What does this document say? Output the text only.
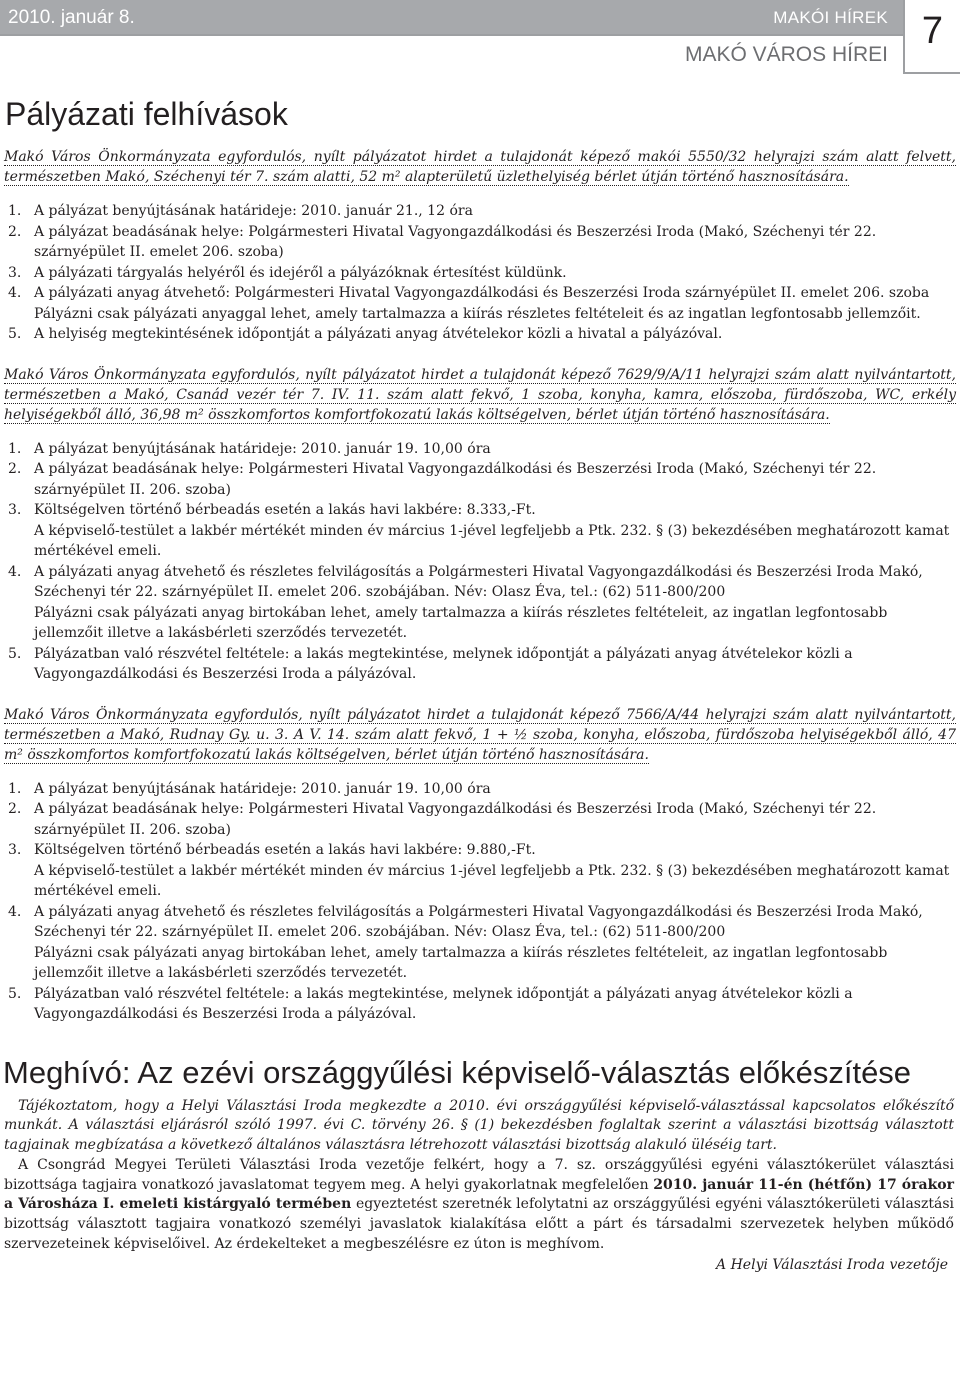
2010. január 8.	MAKÓI HÍREK
MAKÓ VÁROS HÍREI
7
Pályázati felhívások
Makó Város Önkormányzata egyfordulós, nyílt pályázatot hirdet a tulajdonát képező makói 5550/32 helyrajzi szám alatt felvett, természetben Makó, Széchenyi tér 7. szám alatti, 52 m² alapterületű üzlethelyiség bérlet útján történő hasznosítására.
1. A pályázat benyújtásának határideje: 2010. január 21., 12 óra
2. A pályázat beadásának helye: Polgármesteri Hivatal Vagyongazdálkodási és Beszerzési Iroda (Makó, Széchenyi tér 22. szárnyépület II. emelet 206. szoba)
3. A pályázati tárgyalás helyéről és idejéről a pályázóknak értesítést küldünk.
4. A pályázati anyag átvehető: Polgármesteri Hivatal Vagyongazdálkodási és Beszerzési Iroda szárnyépület II. emelet 206. szoba
Pályázni csak pályázati anyaggal lehet, amely tartalmazza a kiírás részletes feltételeit és az ingatlan legfontosabb jellemzőit.
5. A helyiség megtekintésének időpontját a pályázati anyag átvételekor közli a hivatal a pályázóval.
Makó Város Önkormányzata egyfordulós, nyílt pályázatot hirdet a tulajdonát képező 7629/9/A/11 helyrajzi szám alatt nyilvántartott, természetben a Makó, Csanád vezér tér 7. IV. 11. szám alatt fekvő, 1 szoba, konyha, kamra, előszoba, fürdőszoba, WC, erkély helyiségekből álló, 36,98 m² összkomfortos komfortfokozatú lakás költségelven, bérlet útján történő hasznosítására.
1. A pályázat benyújtásának határideje: 2010. január 19. 10,00 óra
2. A pályázat beadásának helye: Polgármesteri Hivatal Vagyongazdálkodási és Beszerzési Iroda (Makó, Széchenyi tér 22. szárnyépület II. 206. szoba)
3. Költségelven történő bérbeadás esetén a lakás havi lakbére: 8.333,-Ft.
A képviselő-testület a lakbér mértékét minden év március 1-jével legfeljebb a Ptk. 232. § (3) bekezdésében meghatározott kamat mértékével emeli.
4. A pályázati anyag átvehető és részletes felvilágosítás a Polgármesteri Hivatal Vagyongazdálkodási és Beszerzési Iroda Makó, Széchenyi tér 22. szárnyépület II. emelet 206. szobájában. Név: Olasz Éva, tel.: (62) 511-800/200
Pályázni csak pályázati anyag birtokában lehet, amely tartalmazza a kiírás részletes feltételeit, az ingatlan legfontosabb jellemzőit illetve a lakásbérleti szerződés tervezetét.
5. Pályázatban való részvétel feltétele: a lakás megtekintése, melynek időpontját a pályázati anyag átvételekor közli a Vagyongazdálkodási és Beszerzési Iroda a pályázóval.
Makó Város Önkormányzata egyfordulós, nyílt pályázatot hirdet a tulajdonát képező 7566/A/44 helyrajzi szám alatt nyilvántartott, természetben a Makó, Rudnay Gy. u. 3. A V. 14. szám alatt fekvő, 1 + ½ szoba, konyha, előszoba, fürdőszoba helyiségekből álló, 47 m² összkomfortos komfortfokozatú lakás költségelven, bérlet útján történő hasznosítására.
1. A pályázat benyújtásának határideje: 2010. január 19. 10,00 óra
2. A pályázat beadásának helye: Polgármesteri Hivatal Vagyongazdálkodási és Beszerzési Iroda (Makó, Széchenyi tér 22. szárnyépület II. 206. szoba)
3. Költségelven történő bérbeadás esetén a lakás havi lakbére: 9.880,-Ft.
A képviselő-testület a lakbér mértékét minden év március 1-jével legfeljebb a Ptk. 232. § (3) bekezdésében meghatározott kamat mértékével emeli.
4. A pályázati anyag átvehető és részletes felvilágosítás a Polgármesteri Hivatal Vagyongazdálkodási és Beszerzési Iroda Makó, Széchenyi tér 22. szárnyépület II. emelet 206. szobájában. Név: Olasz Éva, tel.: (62) 511-800/200
Pályázni csak pályázati anyag birtokában lehet, amely tartalmazza a kiírás részletes feltételeit, az ingatlan legfontosabb jellemzőit illetve a lakásbérleti szerződés tervezetét.
5. Pályázatban való részvétel feltétele: a lakás megtekintése, melynek időpontját a pályázati anyag átvételekor közli a Vagyongazdálkodási és Beszerzési Iroda a pályázóval.
Meghívó: Az ezévi országgyűlési képviselő-választás előkészítése

Tájékoztatom, hogy a Helyi Választási Iroda megkezdte a 2010. évi országgyűlési képviselő-választással kapcsolatos előkészítő munkát. A választási eljárásról szóló 1997. évi C. törvény 26. § (1) bekezdésben foglaltak szerint a választási bizottság választott tagjainak megbízatása a következő általános választásra létrehozott választási bizottság alakuló üléséig tart.

A Csongrád Megyei Területi Választási Iroda vezetője felkért, hogy a 7. sz. országgyűlési egyéni választókerület választási bizottsága tagjaira vonatkozó javaslatomat tegyem meg. A helyi gyakorlatnak megfelelően 2010. január 11-én (hétfőn) 17 órakor a Városháza I. emeleti kistárgyaló termében egyeztetést szeretnék lefolytatni az országgyűlési egyéni választókerületi választási bizottság választott tagjaira vonatkozó személyi javaslatok kialakítása előtt a párt és társadalmi szervezetek helyben működő szervezeteinek képviselőivel. Az érdekelteket a megbeszélésre ez úton is meghívom.

A Helyi Választási Iroda vezetője
